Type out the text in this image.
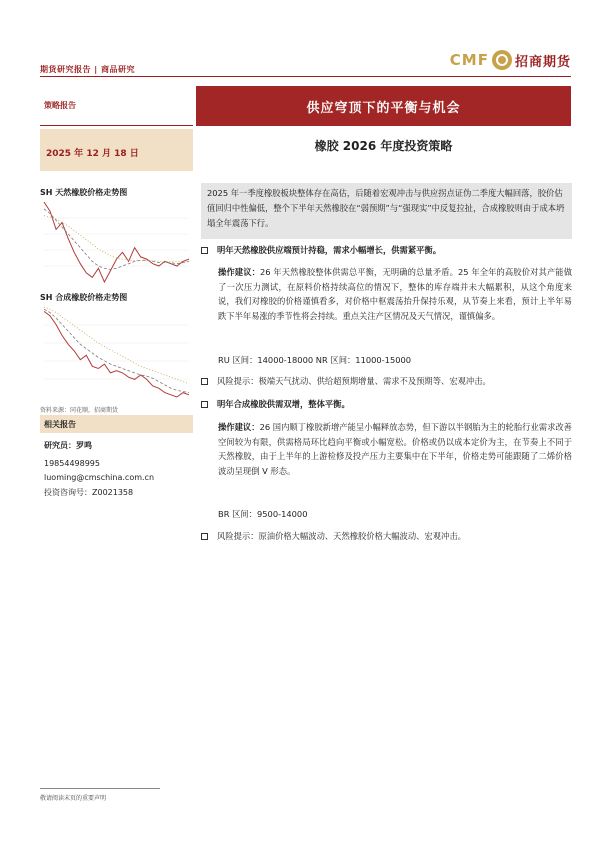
期货研究报告 | 商品研究
CMF 招商期货
策略报告	供应穹顶下的平衡与机会
2025 年 12 月 18 日
橡胶 2026 年度投资策略
SH 天然橡胶价格走势图
SH 合成橡胶价格走势图
资料来源：同花顺，招商期货
相关报告
研究员：罗鸣
19854498995
luoming@cmschina.com.cn
投资咨询号：Z0021358
2025 年一季度橡胶板块整体存在高估，后随着宏观冲击与供应拐点证伪二季度大幅回落，胶价估值回归中性偏低，整个下半年天然橡胶在“弱预期”与“强现实”中反复拉扯，合成橡胶则由于成本坍塌全年震荡下行。
明年天然橡胶供应端预计持稳，需求小幅增长，供需紧平衡。
操作建议：26 年天然橡胶整体供需总平衡，无明确的总量矛盾。25 年全年的高胶价对其产能做了一次压力测试，在原料价格持续高位的情况下，整体的库存端并未大幅累积，从这个角度来说，我们对橡胶的价格谨慎看多，对价格中枢震荡抬升保持乐观，从节奏上来看，预计上半年易跌下半年易涨的季节性将会持续。重点关注产区情况及天气情况，谨慎偏多。
RU 区间：14000-18000 NR 区间：11000-15000
风险提示：极端天气扰动、供给超预期增量、需求不及预期等、宏观冲击。
明年合成橡胶供需双增，整体平衡。
操作建议：26 国内顺丁橡胶新增产能呈小幅释放态势，但下游以半钢胎为主的轮胎行业需求改善空间较为有限，供需格局环比趋向平衡或小幅宽松。价格或仍以成本定价为主，在节奏上不同于天然橡胶，由于上半年的上游检修及投产压力主要集中在下半年，价格走势可能跟随了二烯价格波动呈现倒 V 形态。
BR 区间：9500-14000
风险提示：原油价格大幅波动、天然橡胶价格大幅波动、宏观冲击。
敬请阅读末页的重要声明
